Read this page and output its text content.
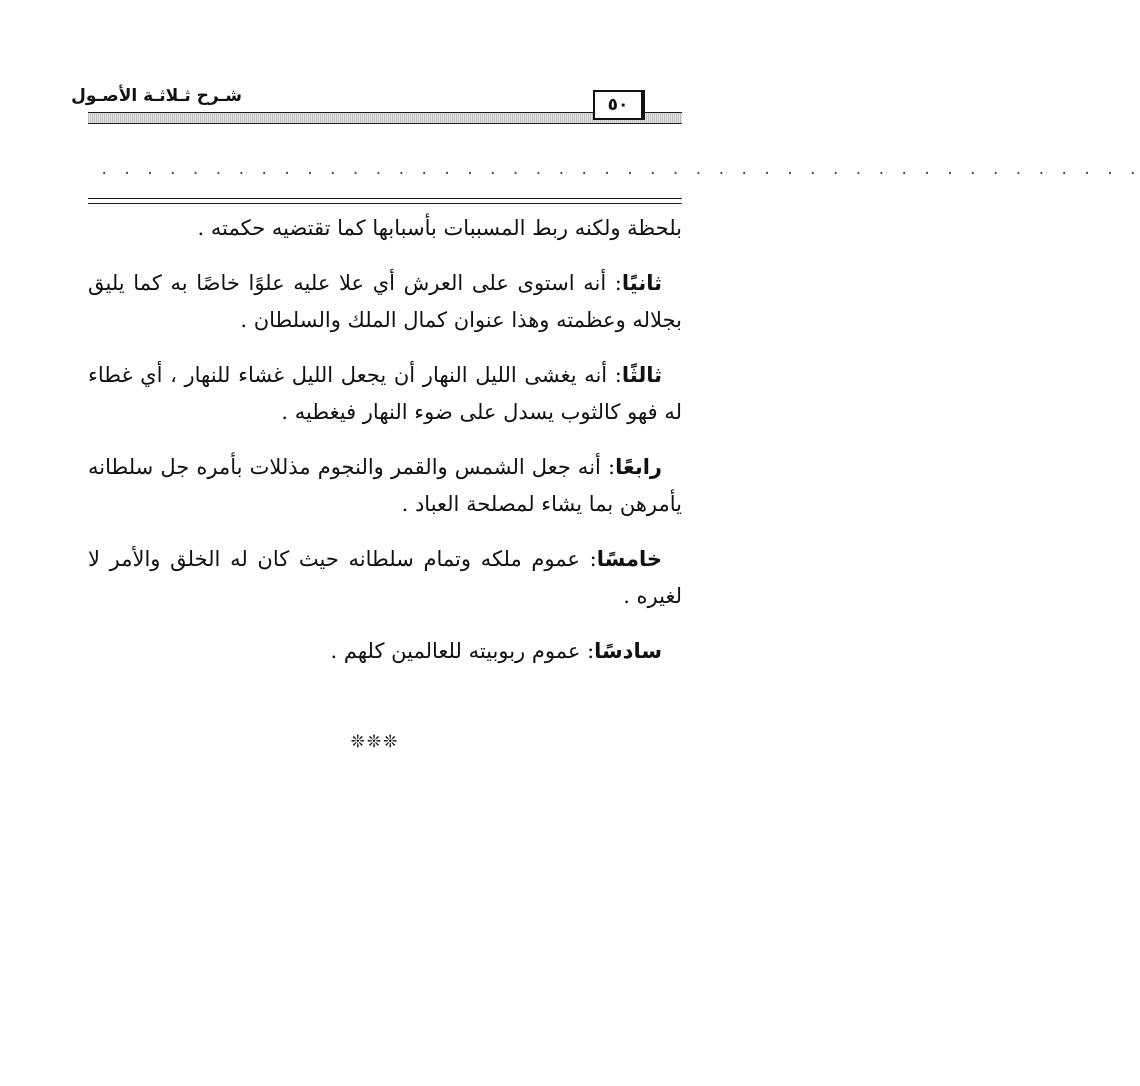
شـرح ثـلاثـة الأصـول	٥٠
. . . . . . . . . . . . . . . . . . . . . . . . . . . . . . . . . . . . . . . . . . . . . .

بلحظة ولكنه ربط المسببات بأسبابها كما تقتضيه حكمته .

ثانيًا: أنه استوى على العرش أي علا عليه علوًا خاصًا به كما يليق بجلاله وعظمته وهذا عنوان كمال الملك والسلطان .

ثالثًا: أنه يغشى الليل النهار أن يجعل الليل غشاء للنهار ، أي غطاء له فهو كالثوب يسدل على ضوء النهار فيغطيه .

رابعًا: أنه جعل الشمس والقمر والنجوم مذللات بأمره جل سلطانه يأمرهن بما يشاء لمصلحة العباد .

خامسًا: عموم ملكه وتمام سلطانه حيث كان له الخلق والأمر لا لغيره .

سادسًا: عموم ربوبيته للعالمين كلهم .

❊❊❊
